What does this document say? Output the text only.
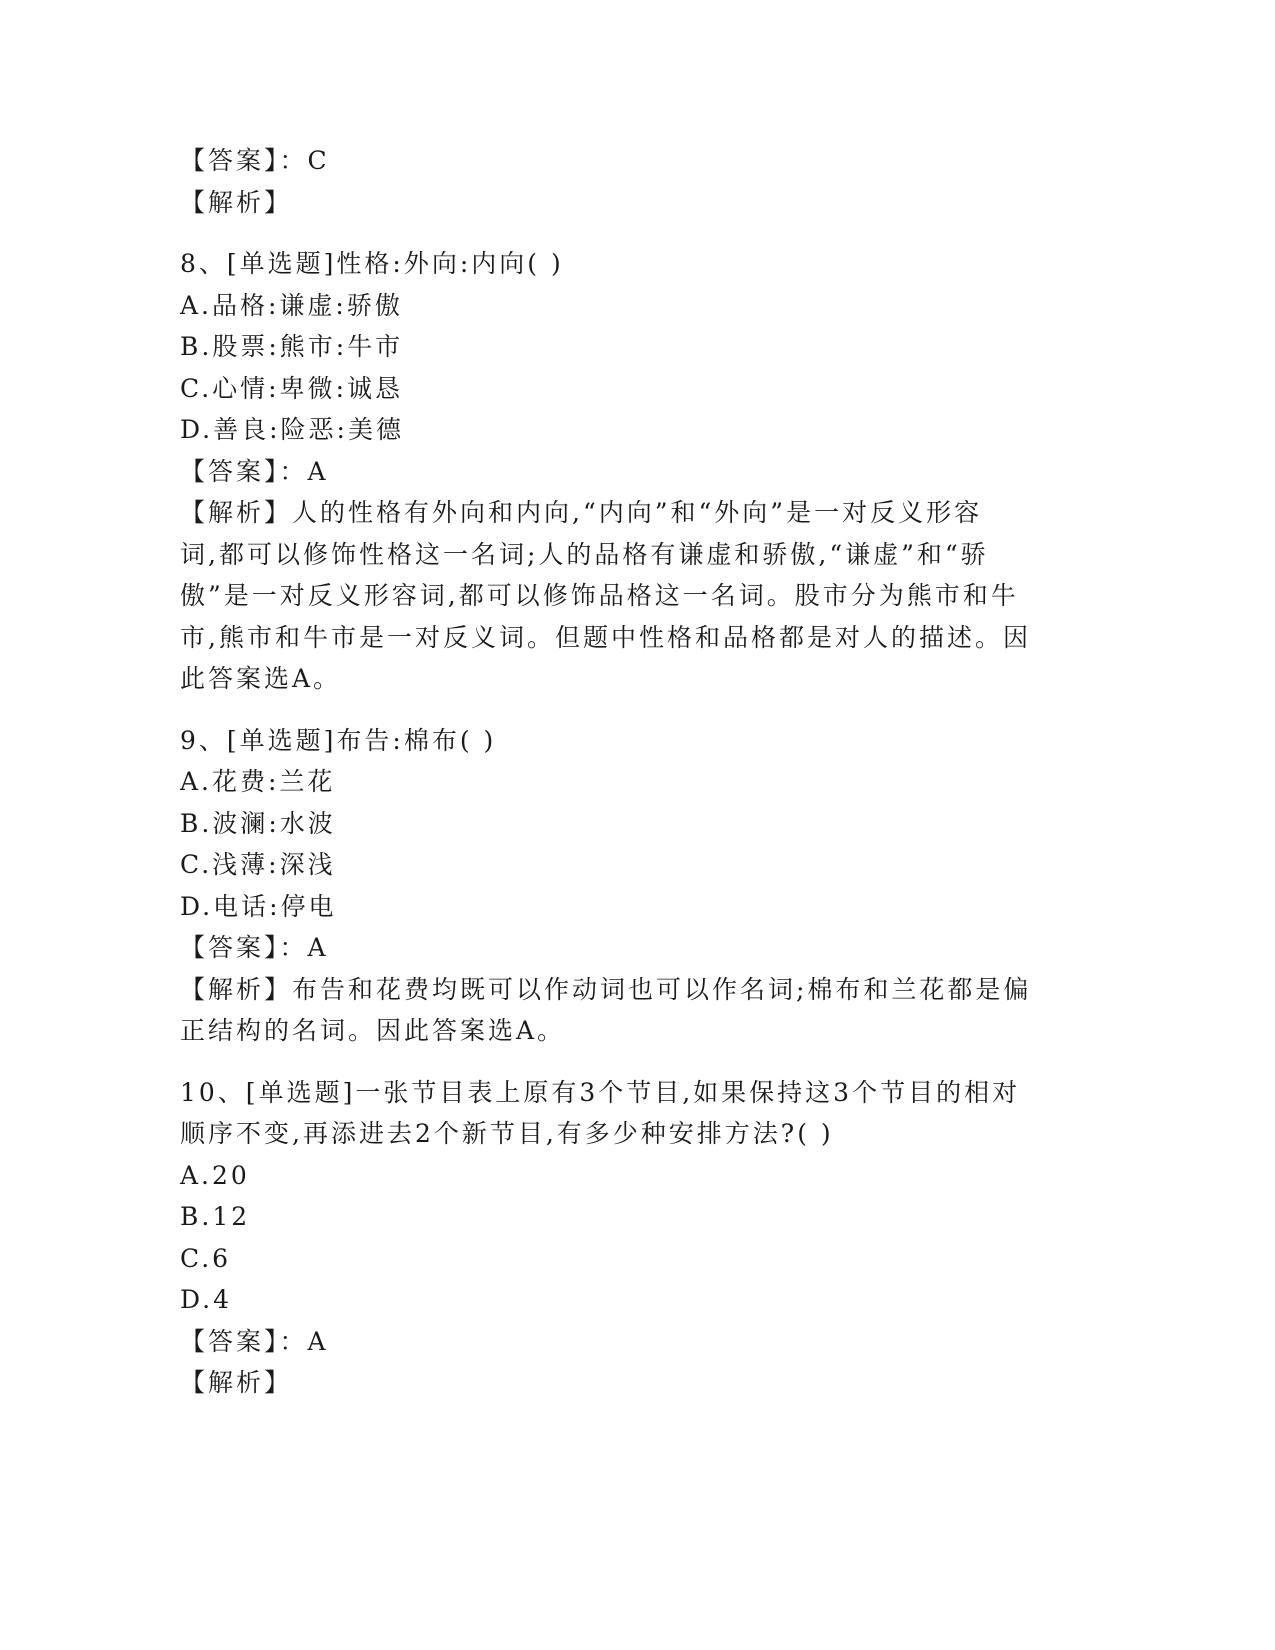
【答案】：C
【解析】
8、[单选题]性格:外向:内向( )
A.品格:谦虚:骄傲
B.股票:熊市:牛市
C.心情:卑微:诚恳
D.善良:险恶:美德
【答案】：A
【解析】人的性格有外向和内向,“内向”和“外向”是一对反义形容
词,都可以修饰性格这一名词;人的品格有谦虚和骄傲,“谦虚”和“骄
傲”是一对反义形容词,都可以修饰品格这一名词。股市分为熊市和牛
市,熊市和牛市是一对反义词。但题中性格和品格都是对人的描述。因
此答案选A。
9、[单选题]布告:棉布( )
A.花费:兰花
B.波澜:水波
C.浅薄:深浅
D.电话:停电
【答案】：A
【解析】布告和花费均既可以作动词也可以作名词;棉布和兰花都是偏
正结构的名词。因此答案选A。
10、[单选题]一张节目表上原有3个节目,如果保持这3个节目的相对
顺序不变,再添进去2个新节目,有多少种安排方法?( )
A.20
B.12
C.6
D.4
【答案】：A
【解析】
